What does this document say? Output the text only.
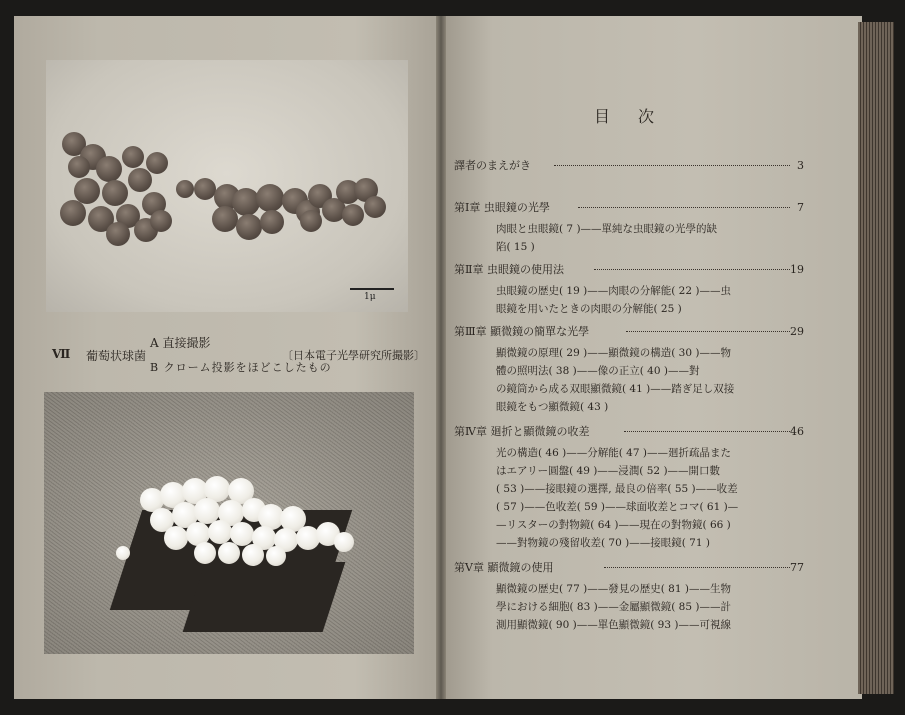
1μ
Ⅶ 葡萄状球菌
A 直接撮影
〔日本電子光學研究所撮影〕
B クローム投影をほどこしたもの
目次
譯者のまえがき	3
第Ⅰ章 虫眼鏡の光學	7
肉眼と虫眼鏡( 7 )——單純な虫眼鏡の光學的缺
陷( 15 )
第Ⅱ章 虫眼鏡の使用法	19
虫眼鏡の歴史( 19 )——肉眼の分解能( 22 )——虫
眼鏡を用いたときの肉眼の分解能( 25 )
第Ⅲ章 顯微鏡の簡單な光學	29
顯微鏡の原理( 29 )——顯微鏡の構造( 30 )——物
體の照明法( 38 )——像の正立( 40 )——對
の鏡筒から成る双眼顯微鏡( 41 )——踏ぎ足し双接
眼鏡をもつ顯微鏡( 43 )
第Ⅳ章 廻折と顯微鏡の收差	46
光の構造( 46 )——分解能( 47 )——廻折疏晶また
はエアリー圓盤( 49 )——浸潤( 52 )——開口數
( 53 )——接眼鏡の選擇, 最良の倍率( 55 )——收差
( 57 )——色收差( 59 )——球面收差とコマ( 61 )—
—リスターの對物鏡( 64 )——現在の對物鏡( 66 )
——對物鏡の殘留收差( 70 )——接眼鏡( 71 )
第Ⅴ章 顯微鏡の使用	77
顯微鏡の歴史( 77 )——發見の歴史( 81 )——生物
學における細胞( 83 )——金屬顯微鏡( 85 )——計
測用顯微鏡( 90 )——單色顯微鏡( 93 )——可視線
